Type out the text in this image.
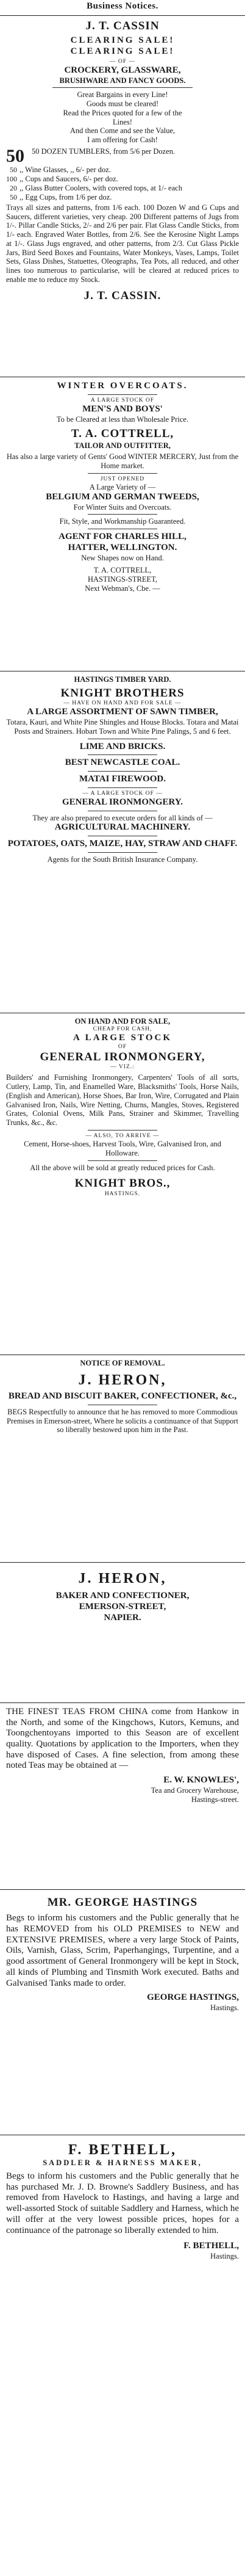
Business Notices.

J. T. CASSIN

CLEARING SALE!

CLEARING SALE!

— OF —

CROCKERY, GLASSWARE,

BRUSHWARE AND FANCY GOODS.

Great Bargains in every Line!

Goods must be cleared!

Read the Prices quoted for a few of the

Lines!

And then Come and see the Value,

I am offering for Cash!

50 50 DOZEN TUMBLERS, from 5/6 per Dozen.
50 ,, Wine Glasses, ,, 6/- per doz.
100 ,, Cups and Saucers, 6/- per doz.
20 ,, Glass Butter Coolers, with covered tops, at 1/- each
50 ,, Egg Cups, from 1/6 per doz.

Trays all sizes and patterns, from 1/6 each. 100 Dozen W and G Cups and Saucers, different varieties, very cheap. 200 Different patterns of Jugs from 1/-. Pillar Candle Sticks, 2/- and 2/6 per pair. Flat Glass Candle Sticks, from 1/- each. Engraved Water Bottles, from 2/6. See the Kerosine Night Lamps at 1/-. Glass Jugs engraved, and other patterns, from 2/3. Cut Glass Pickle Jars, Bird Seed Boxes and Fountains, Water Monkeys, Vases, Lamps, Toilet Sets, Glass Dishes, Statuettes, Oleographs, Tea Pots, all reduced, and other lines too numerous to particularise, will be cleared at reduced prices to enable me to reduce my Stock.

J. T. CASSIN.

WINTER OVERCOATS.

A LARGE STOCK OF

MEN'S AND BOYS'

To be Cleared at less than Wholesale Price.

T. A. COTTRELL,

TAILOR AND OUTFITTER,

Has also a large variety of Gents' Good WINTER MERCERY, Just from the Home market.

JUST OPENED

A Large Variety of —

BELGIUM AND GERMAN TWEEDS,

For Winter Suits and Overcoats.

Fit, Style, and Workmanship Guaranteed.

AGENT FOR CHARLES HILL,

HATTER, WELLINGTON.

New Shapes now on Hand.

T. A. COTTRELL,

HASTINGS-STREET,

Next Webman's, Cbe. —

HASTINGS TIMBER YARD.

KNIGHT BROTHERS

— HAVE ON HAND AND FOR SALE —

A LARGE ASSORTMENT OF SAWN TIMBER,

Totara, Kauri, and White Pine Shingles and House Blocks. Totara and Matai Posts and Strainers. Hobart Town and White Pine Palings, 5 and 6 feet.

LIME AND BRICKS.

BEST NEWCASTLE COAL.

MATAI FIREWOOD.

— A LARGE STOCK OF —

GENERAL IRONMONGERY.

They are also prepared to execute orders for all kinds of —

AGRICULTURAL MACHINERY.

POTATOES, OATS, MAIZE, HAY, STRAW AND CHAFF.

Agents for the South British Insurance Company.

ON HAND AND FOR SALE,

CHEAP FOR CASH,

A LARGE STOCK

OF

GENERAL IRONMONGERY,

— VIZ.:

Builders' and Furnishing Ironmongery, Carpenters' Tools of all sorts, Cutlery, Lamp, Tin, and Enamelled Ware, Blacksmiths' Tools, Horse Nails, (English and American), Horse Shoes, Bar Iron, Wire, Corrugated and Plain Galvanised Iron, Nails, Wire Netting, Churns, Mangles, Stoves, Registered Grates, Colonial Ovens, Milk Pans, Strainer and Skimmer, Travelling Trunks, &c., &c.

— ALSO, TO ARRIVE —

Cement, Horse-shoes, Harvest Tools, Wire, Galvanised Iron, and Holloware.

All the above will be sold at greatly reduced prices for Cash.

KNIGHT BROS.,

HASTINGS.

NOTICE OF REMOVAL.

J. HERON,

BREAD AND BISCUIT BAKER, CONFECTIONER, &c.,

BEGS Respectfully to announce that he has removed to more Commodious Premises in Emerson-street, Where he solicits a continuance of that Support so liberally bestowed upon him in the Past.

J. HERON,

BAKER AND CONFECTIONER,

EMERSON-STREET,

NAPIER.

THE FINEST TEAS FROM CHINA come from Hankow in the North, and some of the Kingchows, Kutors, Kemuns, and Toongchentoyans imported to this Season are of excellent quality. Quotations by application to the Importers, when they have disposed of Cases. A fine selection, from among these noted Teas may be obtained at —

E. W. KNOWLES',

Tea and Grocery Warehouse,

Hastings-street.

MR. GEORGE HASTINGS

Begs to inform his customers and the Public generally that he has REMOVED from his OLD PREMISES to NEW and EXTENSIVE PREMISES, where a very large Stock of Paints, Oils, Varnish, Glass, Scrim, Paperhangings, Turpentine, and a good assortment of General Ironmongery will be kept in Stock, all kinds of Plumbing and Tinsmith Work executed. Baths and Galvanised Tanks made to order.

GEORGE HASTINGS,

Hastings.

F. BETHELL,

SADDLER & HARNESS MAKER,

Begs to inform his customers and the Public generally that he has purchased Mr. J. D. Browne's Saddlery Business, and has removed from Havelock to Hastings, and having a large and well-assorted Stock of suitable Saddlery and Harness, which he will offer at the very lowest possible prices, hopes for a continuance of the patronage so liberally extended to him.

F. BETHELL,

Hastings.
